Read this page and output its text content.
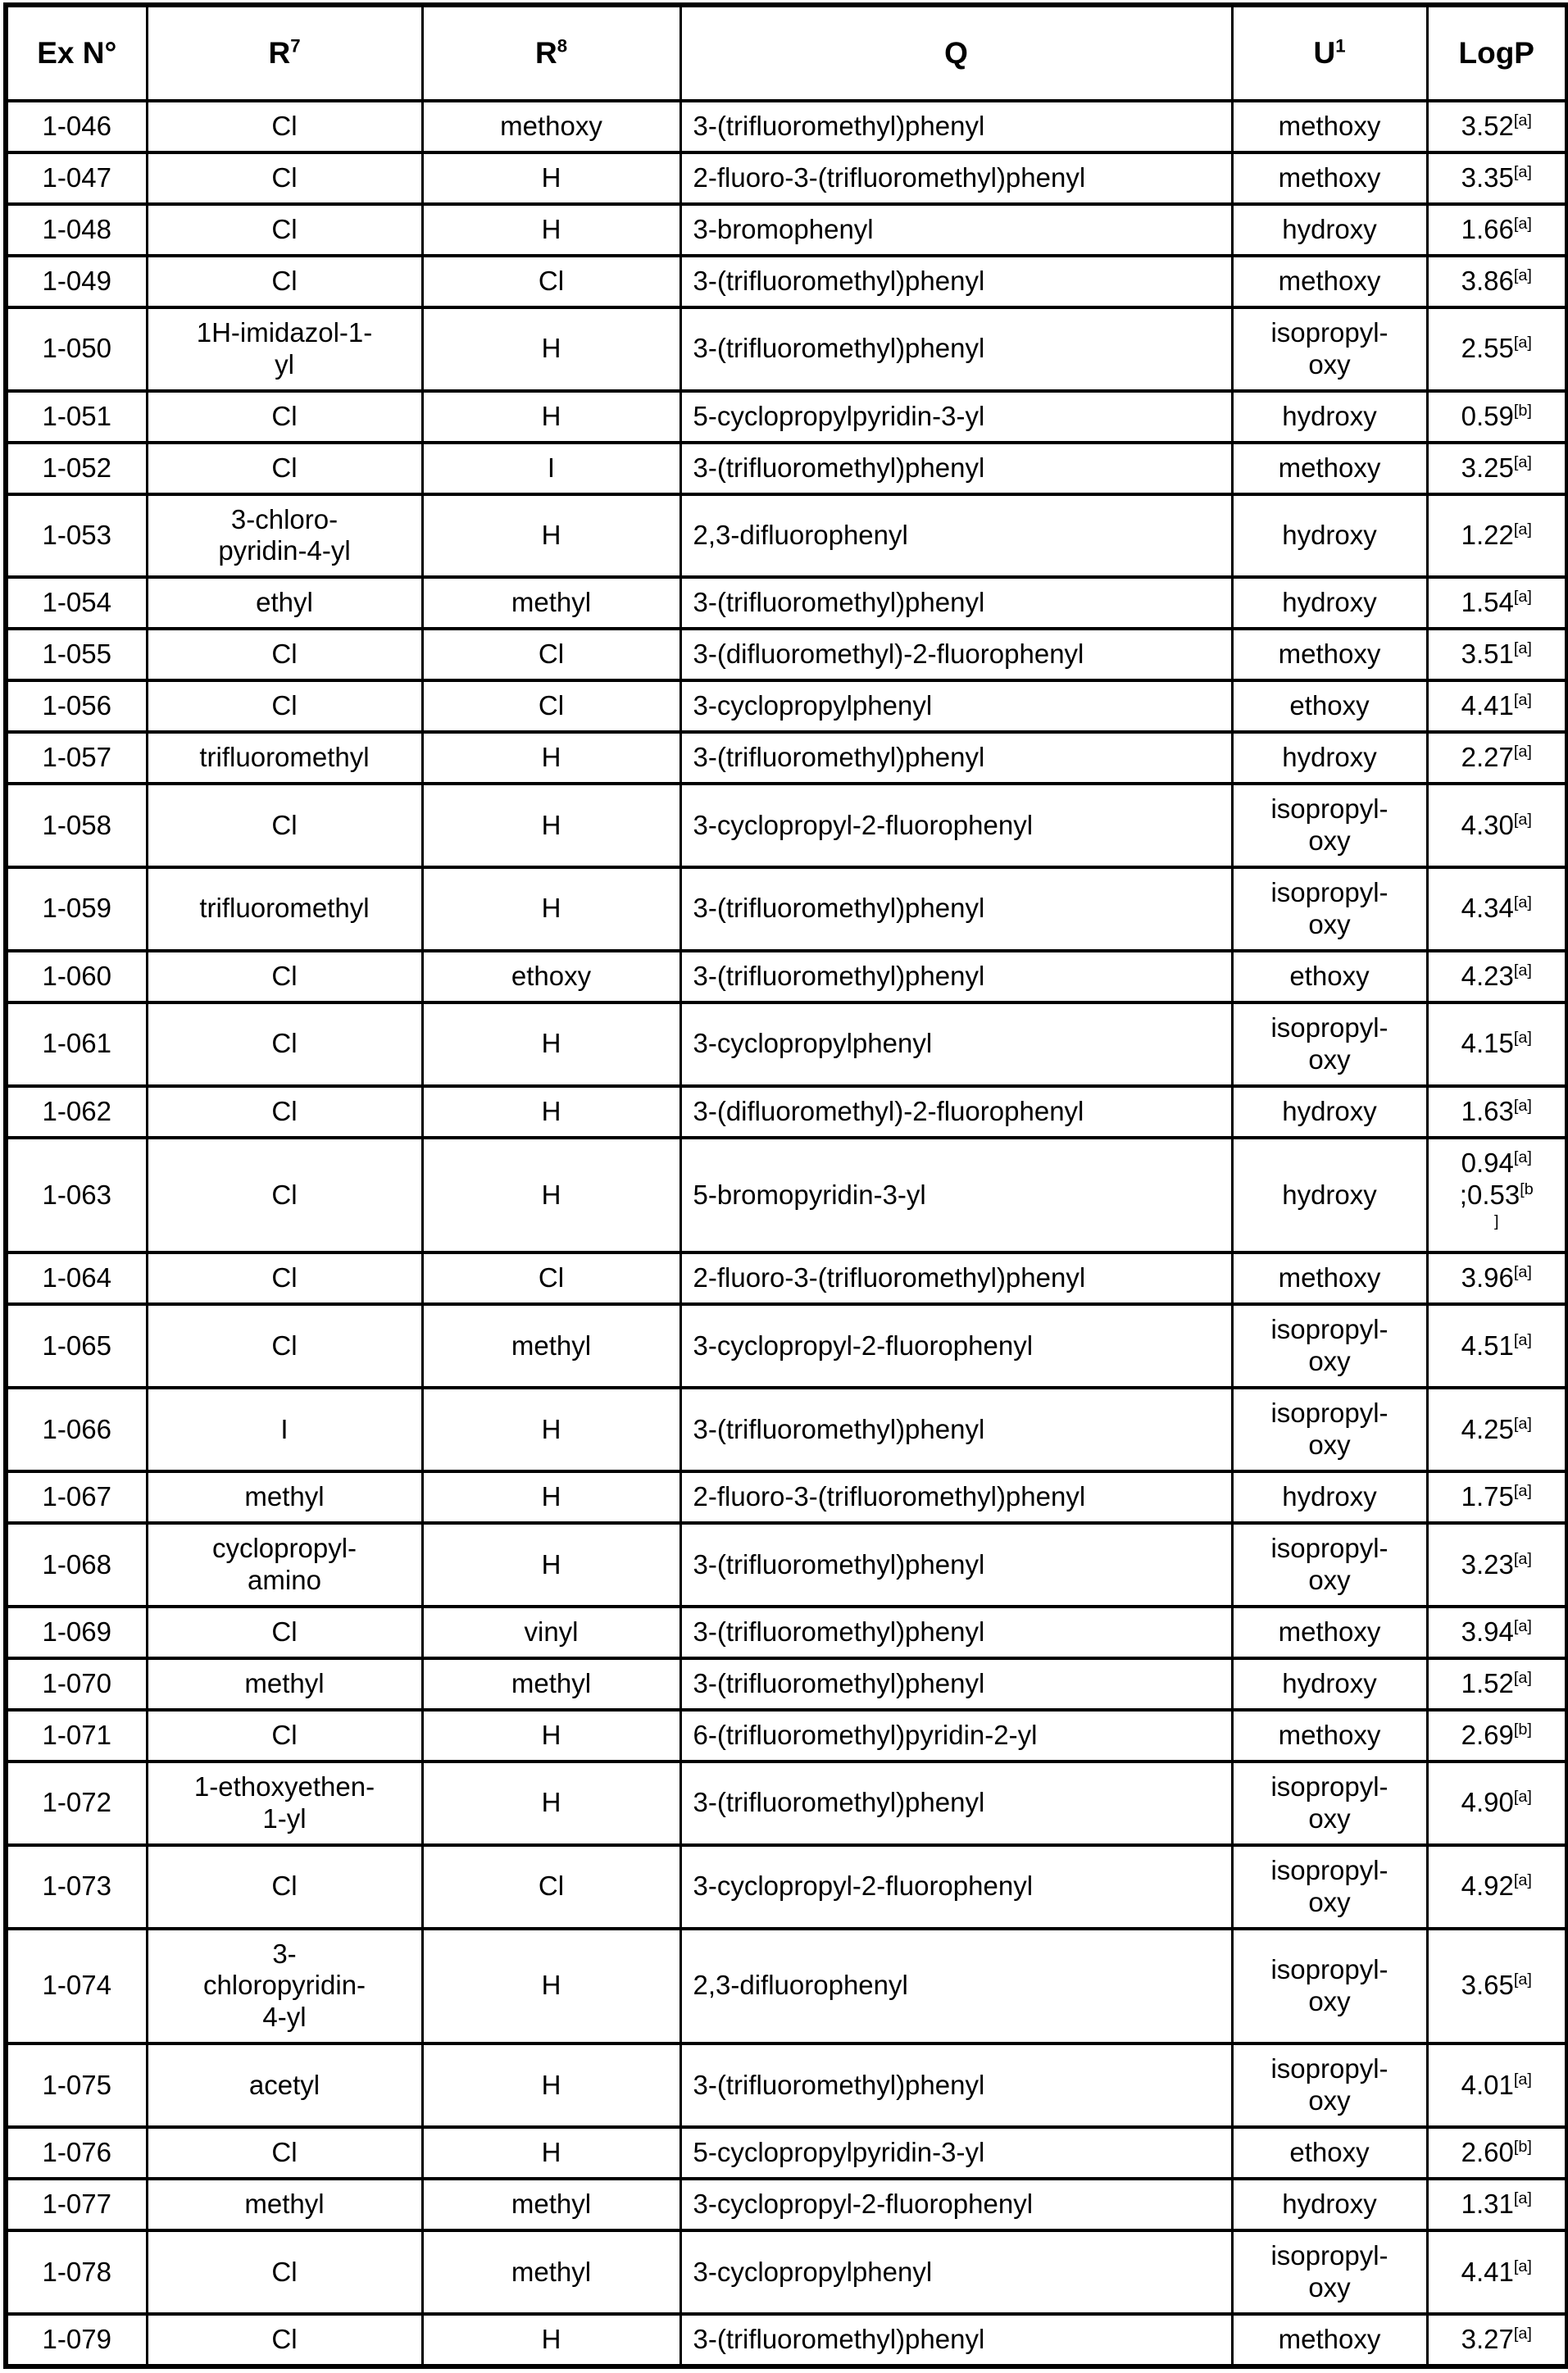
Ex N°	$R^7$	$R^8$	Q	$U^1$	LogP
1-046	Cl	methoxy	3-(trifluoromethyl)phenyl	methoxy	3.52[a]
1-047	Cl	H	2-fluoro-3-(trifluoromethyl)phenyl	methoxy	3.35[a]
1-048	Cl	H	3-bromophenyl	hydroxy	1.66[a]
1-049	Cl	Cl	3-(trifluoromethyl)phenyl	methoxy	3.86[a]
1-050	1H-imidazol-1-
yl	H	3-(trifluoromethyl)phenyl	isopropyl-
oxy	2.55[a]
1-051	Cl	H	5-cyclopropylpyridin-3-yl	hydroxy	0.59[b]
1-052	Cl	I	3-(trifluoromethyl)phenyl	methoxy	3.25[a]
1-053	3-chloro-
pyridin-4-yl	H	2,3-difluorophenyl	hydroxy	1.22[a]
1-054	ethyl	methyl	3-(trifluoromethyl)phenyl	hydroxy	1.54[a]
1-055	Cl	Cl	3-(difluoromethyl)-2-fluorophenyl	methoxy	3.51[a]
1-056	Cl	Cl	3-cyclopropylphenyl	ethoxy	4.41[a]
1-057	trifluoromethyl	H	3-(trifluoromethyl)phenyl	hydroxy	2.27[a]
1-058	Cl	H	3-cyclopropyl-2-fluorophenyl	isopropyl-
oxy	4.30[a]
1-059	trifluoromethyl	H	3-(trifluoromethyl)phenyl	isopropyl-
oxy	4.34[a]
1-060	Cl	ethoxy	3-(trifluoromethyl)phenyl	ethoxy	4.23[a]
1-061	Cl	H	3-cyclopropylphenyl	isopropyl-
oxy	4.15[a]
1-062	Cl	H	3-(difluoromethyl)-2-fluorophenyl	hydroxy	1.63[a]
1-063	Cl	H	5-bromopyridin-3-yl	hydroxy	0.94[a]
$;0.53^{[b}$
]
1-064	Cl	Cl	2-fluoro-3-(trifluoromethyl)phenyl	methoxy	3.96[a]
1-065	Cl	methyl	3-cyclopropyl-2-fluorophenyl	isopropyl-
oxy	4.51[a]
1-066	I	H	3-(trifluoromethyl)phenyl	isopropyl-
oxy	4.25[a]
1-067	methyl	H	2-fluoro-3-(trifluoromethyl)phenyl	hydroxy	1.75[a]
1-068	cyclopropyl-
amino	H	3-(trifluoromethyl)phenyl	isopropyl-
oxy	3.23[a]
1-069	Cl	vinyl	3-(trifluoromethyl)phenyl	methoxy	3.94[a]
1-070	methyl	methyl	3-(trifluoromethyl)phenyl	hydroxy	1.52[a]
1-071	Cl	H	6-(trifluoromethyl)pyridin-2-yl	methoxy	2.69[b]
1-072	1-ethoxyethen-
1-yl	H	3-(trifluoromethyl)phenyl	isopropyl-
oxy	4.90[a]
1-073	Cl	Cl	3-cyclopropyl-2-fluorophenyl	isopropyl-
oxy	4.92[a]
1-074	3-
chloropyridin-
4-yl	H	2,3-difluorophenyl	isopropyl-
oxy	3.65[a]
1-075	acetyl	H	3-(trifluoromethyl)phenyl	isopropyl-
oxy	4.01[a]
1-076	Cl	H	5-cyclopropylpyridin-3-yl	ethoxy	2.60[b]
1-077	methyl	methyl	3-cyclopropyl-2-fluorophenyl	hydroxy	1.31[a]
1-078	Cl	methyl	3-cyclopropylphenyl	isopropyl-
oxy	4.41[a]
1-079	Cl	H	3-(trifluoromethyl)phenyl	methoxy	3.27[a]
